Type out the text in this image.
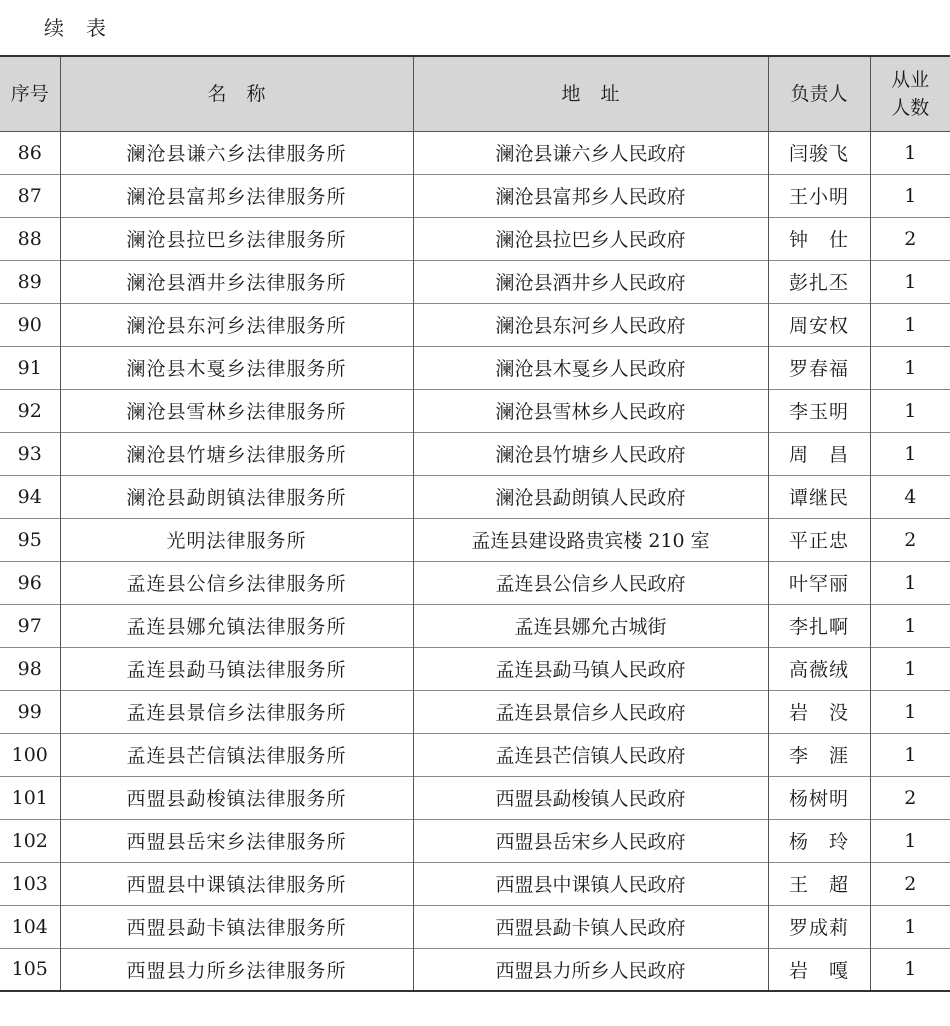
续表
序号	名称	地址	负责人	从业
人数
86	澜沧县谦六乡法律服务所	澜沧县谦六乡人民政府	闫骏飞	1
87	澜沧县富邦乡法律服务所	澜沧县富邦乡人民政府	王小明	1
88	澜沧县拉巴乡法律服务所	澜沧县拉巴乡人民政府	钟　仕	2
89	澜沧县酒井乡法律服务所	澜沧县酒井乡人民政府	彭扎丕	1
90	澜沧县东河乡法律服务所	澜沧县东河乡人民政府	周安权	1
91	澜沧县木戛乡法律服务所	澜沧县木戛乡人民政府	罗春福	1
92	澜沧县雪林乡法律服务所	澜沧县雪林乡人民政府	李玉明	1
93	澜沧县竹塘乡法律服务所	澜沧县竹塘乡人民政府	周　昌	1
94	澜沧县勐朗镇法律服务所	澜沧县勐朗镇人民政府	谭继民	4
95	光明法律服务所	孟连县建设路贵宾楼 210 室	平正忠	2
96	孟连县公信乡法律服务所	孟连县公信乡人民政府	叶罕丽	1
97	孟连县娜允镇法律服务所	孟连县娜允古城街	李扎啊	1
98	孟连县勐马镇法律服务所	孟连县勐马镇人民政府	高薇绒	1
99	孟连县景信乡法律服务所	孟连县景信乡人民政府	岩　没	1
100	孟连县芒信镇法律服务所	孟连县芒信镇人民政府	李　涯	1
101	西盟县勐梭镇法律服务所	西盟县勐梭镇人民政府	杨树明	2
102	西盟县岳宋乡法律服务所	西盟县岳宋乡人民政府	杨　玲	1
103	西盟县中课镇法律服务所	西盟县中课镇人民政府	王　超	2
104	西盟县勐卡镇法律服务所	西盟县勐卡镇人民政府	罗成莉	1
105	西盟县力所乡法律服务所	西盟县力所乡人民政府	岩　嘎	1
